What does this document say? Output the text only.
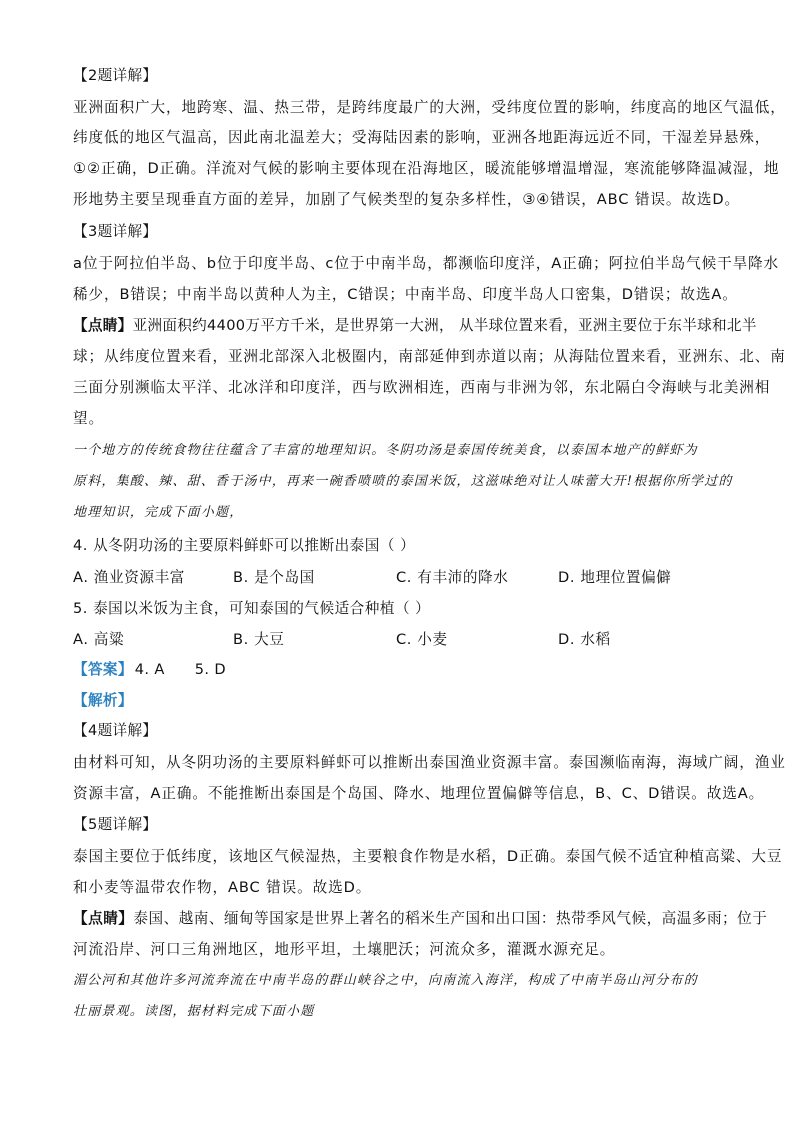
【2题详解】
亚洲面积广大，地跨寒、温、热三带，是跨纬度最广的大洲，受纬度位置的影响，纬度高的地区气温低，
纬度低的地区气温高，因此南北温差大；受海陆因素的影响，亚洲各地距海远近不同，干湿差异悬殊，
①②正确，D正确。洋流对气候的影响主要体现在沿海地区，暖流能够增温增湿，寒流能够降温减湿，地
形地势主要呈现垂直方面的差异，加剧了气候类型的复杂多样性，③④错误，ABC 错误。故选D。
【3题详解】
a位于阿拉伯半岛、b位于印度半岛、c位于中南半岛，都濒临印度洋，A正确；阿拉伯半岛气候干旱降水
稀少，B错误；中南半岛以黄种人为主，C错误；中南半岛、印度半岛人口密集，D错误；故选A。
【点睛】亚洲面积约4400万平方千米，是世界第一大洲， 从半球位置来看，亚洲主要位于东半球和北半
球；从纬度位置来看，亚洲北部深入北极圈内，南部延伸到赤道以南；从海陆位置来看，亚洲东、北、南
三面分别濒临太平洋、北冰洋和印度洋，西与欧洲相连，西南与非洲为邻，东北隔白令海峡与北美洲相
望。
一个地方的传统食物往往蕴含了丰富的地理知识。冬阴功汤是泰国传统美食，以泰国本地产的鲜虾为
原料，集酸、辣、甜、香于汤中，再来一碗香喷喷的泰国米饭，这滋味绝对让人味蕾大开!根据你所学过的
地理知识，完成下面小题，
4. 从冬阴功汤的主要原料鲜虾可以推断出泰国（ ）
A. 渔业资源丰富	B. 是个岛国	C. 有丰沛的降水	D. 地理位置偏僻
5. 泰国以米饭为主食，可知泰国的气候适合种植（ ）
A. 高粱	B. 大豆	C. 小麦	D. 水稻
【答案】 4. A 5. D
【解析】
【4题详解】
由材料可知，从冬阴功汤的主要原料鲜虾可以推断出泰国渔业资源丰富。泰国濒临南海，海域广阔，渔业
资源丰富，A正确。不能推断出泰国是个岛国、降水、地理位置偏僻等信息，B、C、D错误。故选A。
【5题详解】
泰国主要位于低纬度，该地区气候湿热，主要粮食作物是水稻，D正确。泰国气候不适宜种植高粱、大豆
和小麦等温带农作物，ABC 错误。故选D。
【点睛】泰国、越南、缅甸等国家是世界上著名的稻米生产国和出口国：热带季风气候，高温多雨；位于
河流沿岸、河口三角洲地区，地形平坦，土壤肥沃；河流众多，灌溉水源充足。
湄公河和其他许多河流奔流在中南半岛的群山峡谷之中，向南流入海洋，构成了中南半岛山河分布的
壮丽景观。读图，据材料完成下面小题
